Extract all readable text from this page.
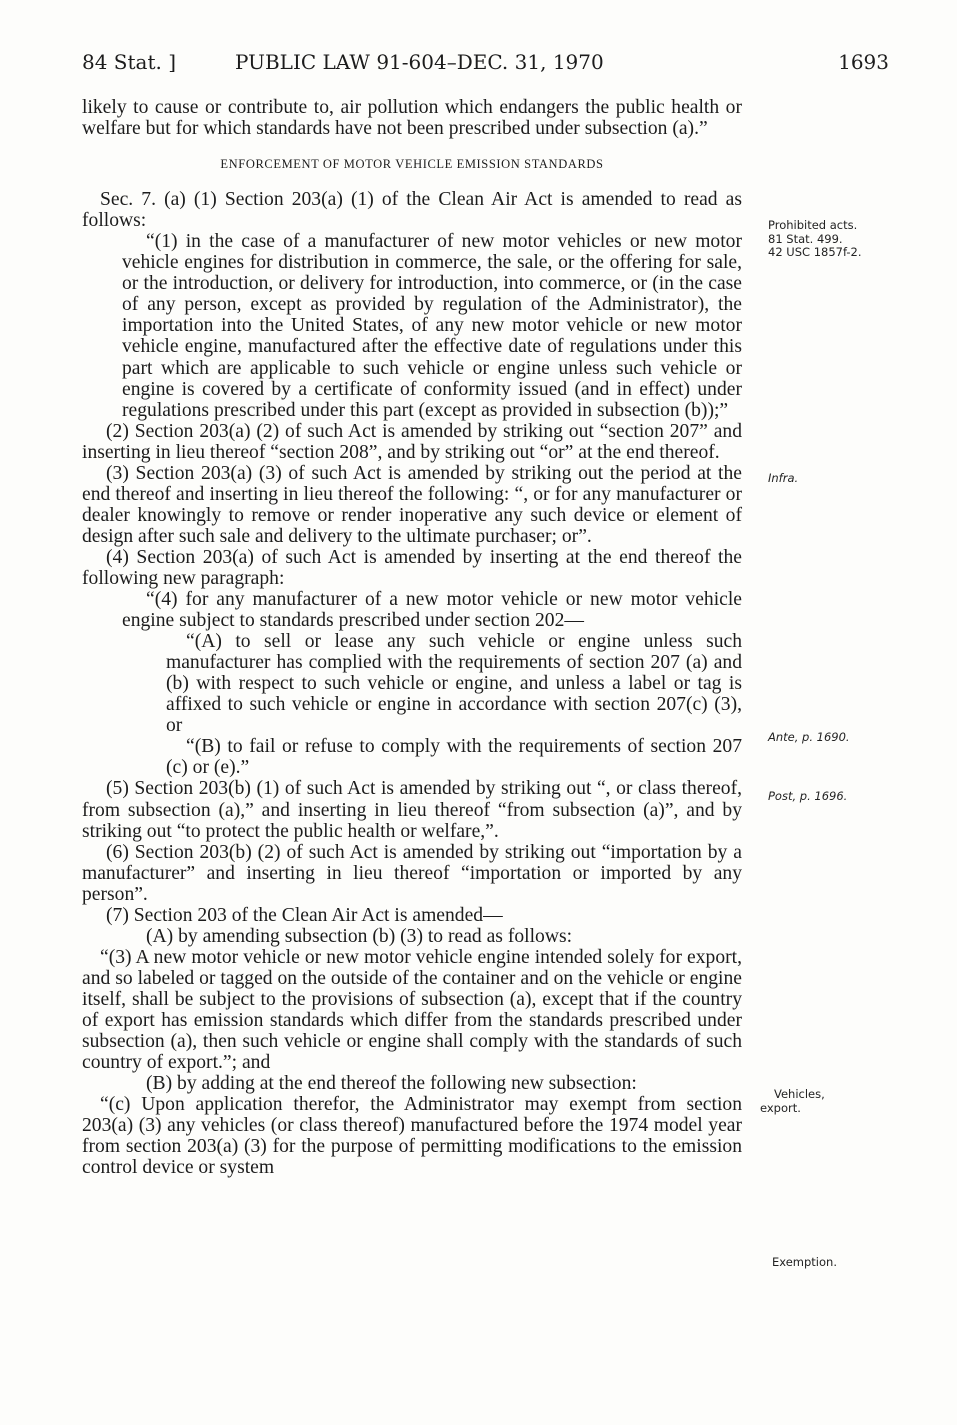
84 Stat. ]	PUBLIC LAW 91-604–DEC. 31, 1970	1693

likely to cause or contribute to, air pollution which endangers the public health or welfare but for which standards have not been prescribed under subsection (a).”

ENFORCEMENT OF MOTOR VEHICLE EMISSION STANDARDS

Sec. 7. (a) (1) Section 203(a) (1) of the Clean Air Act is amended to read as follows:

“(1) in the case of a manufacturer of new motor vehicles or new motor vehicle engines for distribution in commerce, the sale, or the offering for sale, or the introduction, or delivery for introduction, into commerce, or (in the case of any person, except as provided by regulation of the Administrator), the importation into the United States, of any new motor vehicle or new motor vehicle engine, manufactured after the effective date of regulations under this part which are applicable to such vehicle or engine unless such vehicle or engine is covered by a certificate of conformity issued (and in effect) under regulations prescribed under this part (except as provided in subsection (b));”

(2) Section 203(a) (2) of such Act is amended by striking out “section 207” and inserting in lieu thereof “section 208”, and by striking out “or” at the end thereof.

(3) Section 203(a) (3) of such Act is amended by striking out the period at the end thereof and inserting in lieu thereof the following: “, or for any manufacturer or dealer knowingly to remove or render inoperative any such device or element of design after such sale and delivery to the ultimate purchaser; or”.

(4) Section 203(a) of such Act is amended by inserting at the end thereof the following new paragraph:

“(4) for any manufacturer of a new motor vehicle or new motor vehicle engine subject to standards prescribed under section 202—

“(A) to sell or lease any such vehicle or engine unless such manufacturer has complied with the requirements of section 207 (a) and (b) with respect to such vehicle or engine, and unless a label or tag is affixed to such vehicle or engine in accordance with section 207(c) (3), or

“(B) to fail or refuse to comply with the requirements of section 207 (c) or (e).”

(5) Section 203(b) (1) of such Act is amended by striking out “, or class thereof, from subsection (a),” and inserting in lieu thereof “from subsection (a)”, and by striking out “to protect the public health or welfare,”.

(6) Section 203(b) (2) of such Act is amended by striking out “importation by a manufacturer” and inserting in lieu thereof “importation or imported by any person”.

(7) Section 203 of the Clean Air Act is amended—

(A) by amending subsection (b) (3) to read as follows:

“(3) A new motor vehicle or new motor vehicle engine intended solely for export, and so labeled or tagged on the outside of the container and on the vehicle or engine itself, shall be subject to the provisions of subsection (a), except that if the country of export has emission standards which differ from the standards prescribed under subsection (a), then such vehicle or engine shall comply with the standards of such country of export.”; and

(B) by adding at the end thereof the following new subsection:

“(c) Upon application therefor, the Administrator may exempt from section 203(a) (3) any vehicles (or class thereof) manufactured before the 1974 model year from section 203(a) (3) for the purpose of permitting modifications to the emission control device or system

Prohibited acts.
81 Stat. 499.
42 USC 1857f-2.
Infra.
Ante, p. 1690.
Post, p. 1696.
Vehicles,
export.
Exemption.
